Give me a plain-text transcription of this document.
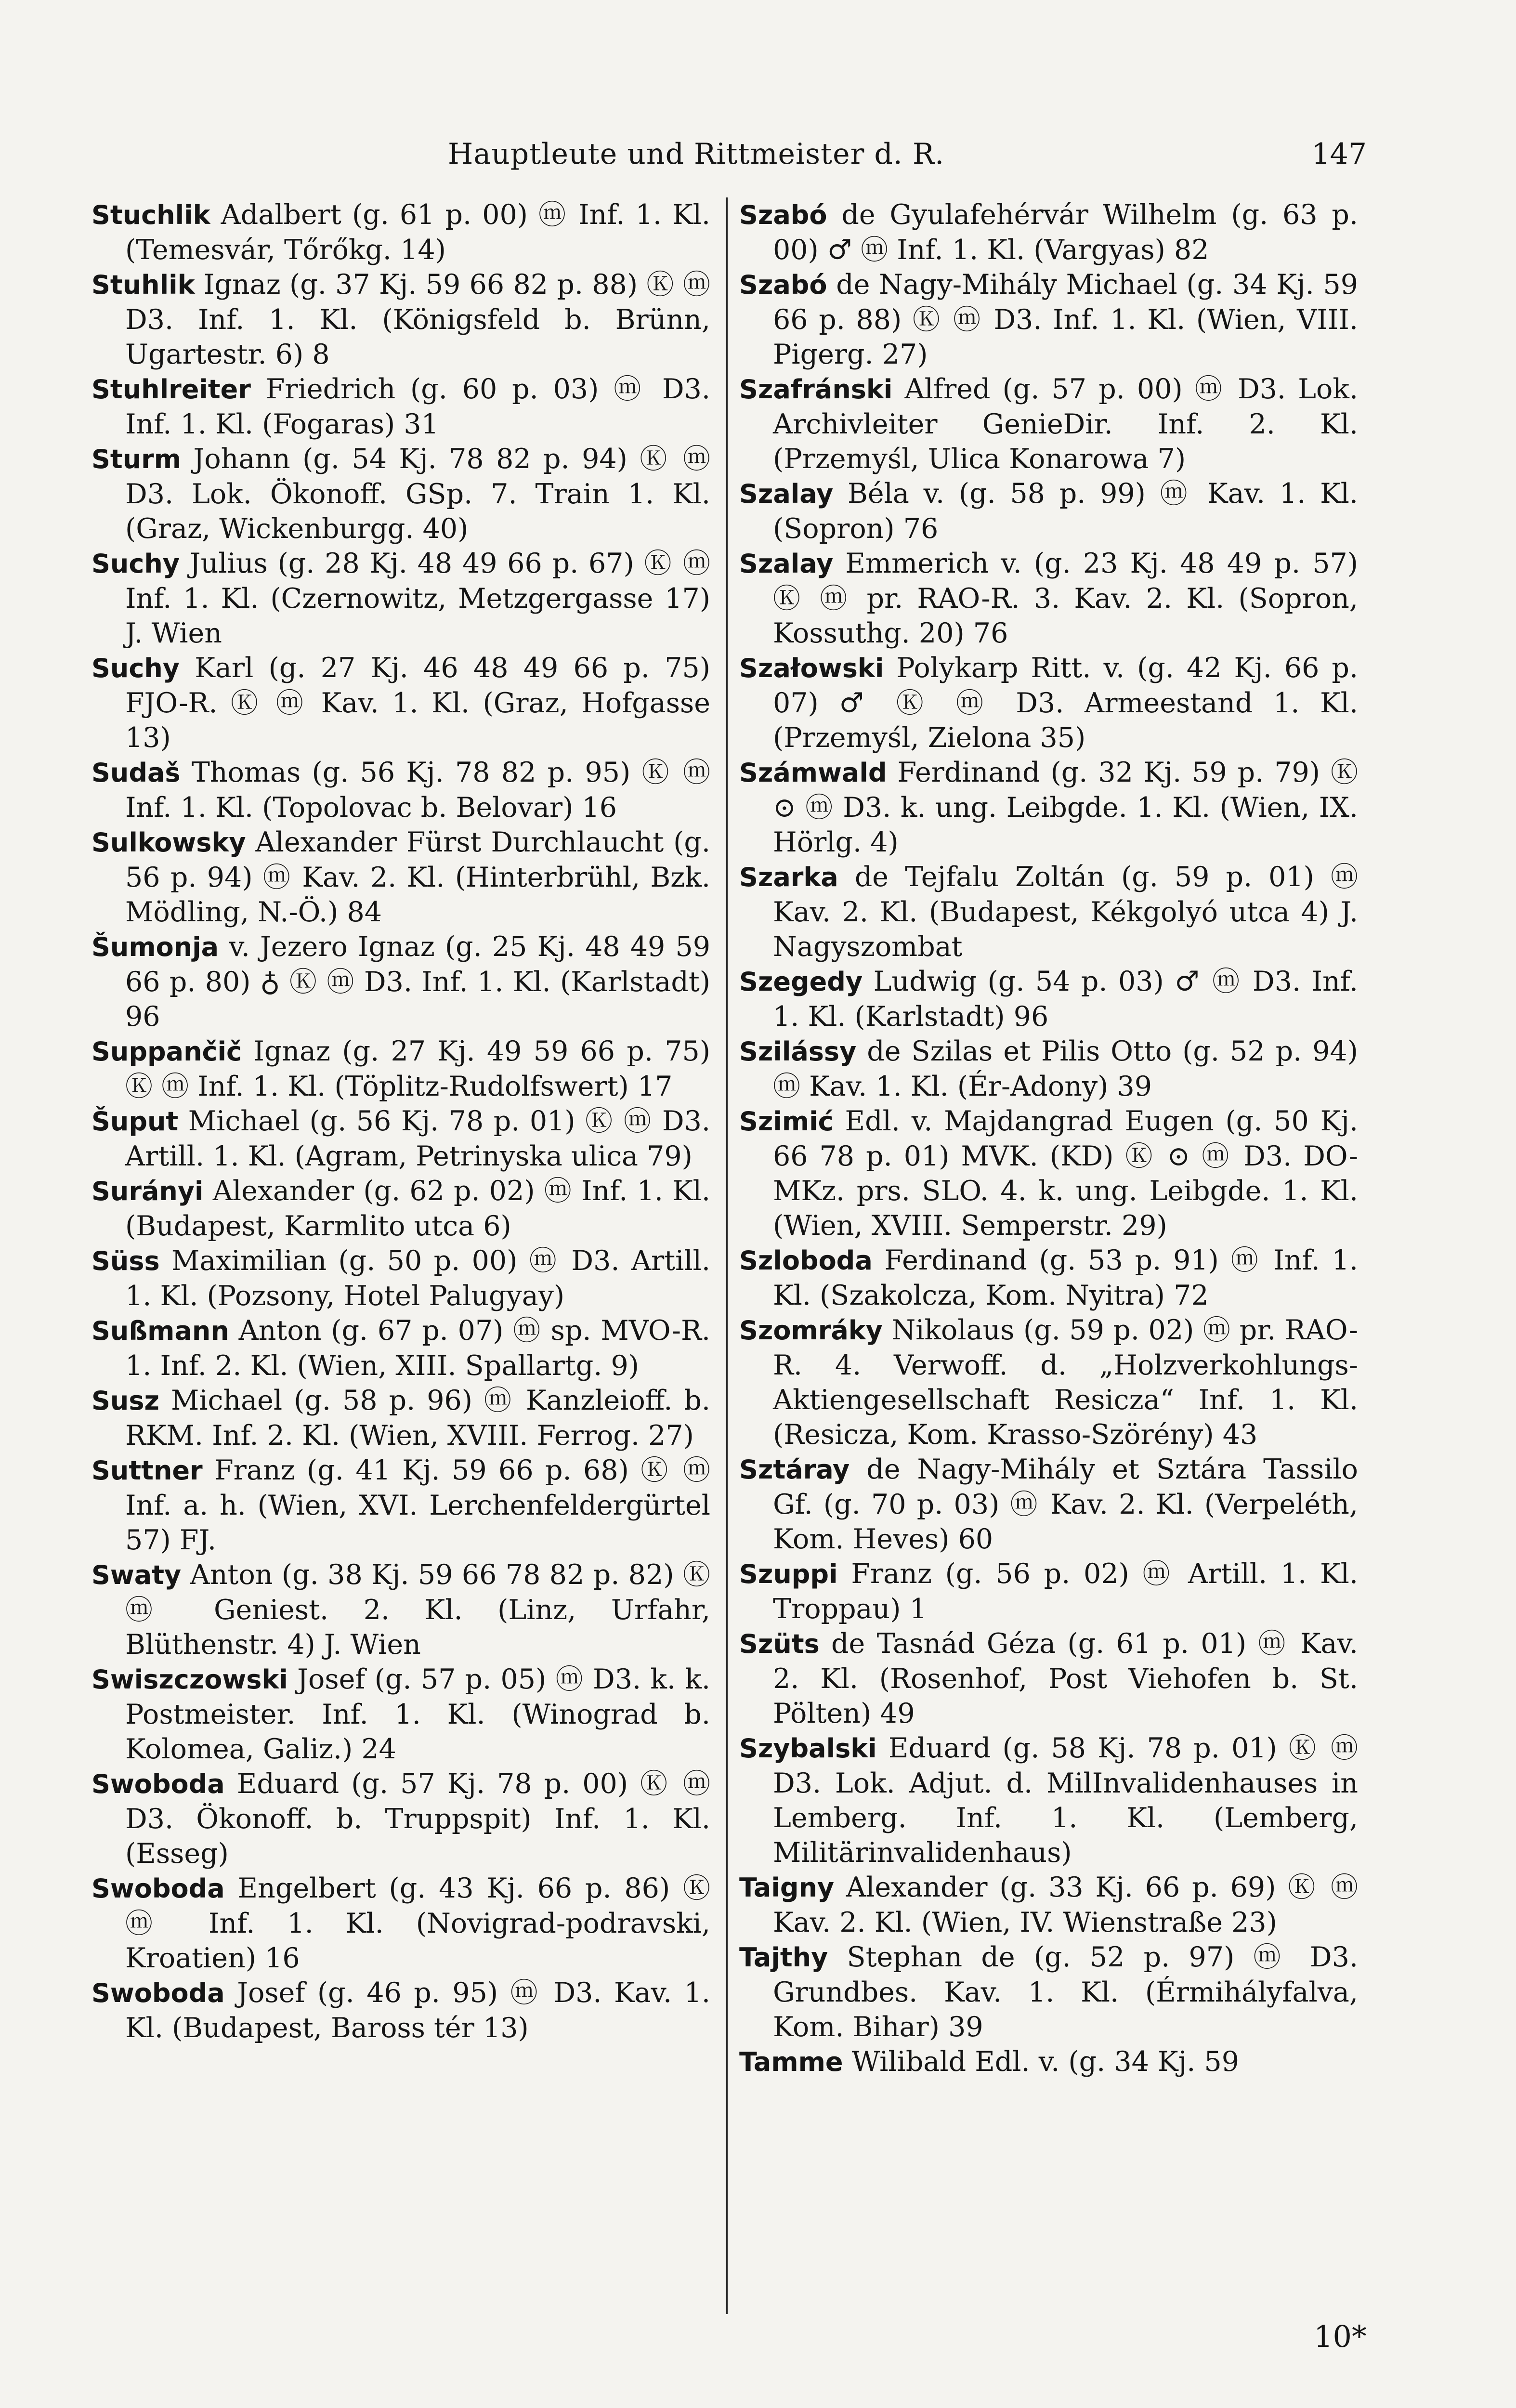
Hauptleute und Rittmeister d. R.	147

Stuchlik Adalbert (g. 61 p. 00) ⓜ Inf. 1. Kl. (Temesvár, Tőrőkg. 14)

Stuhlik Ignaz (g. 37 Kj. 59 66 82 p. 88) Ⓚ ⓜ D3. Inf. 1. Kl. (Königsfeld b. Brünn, Ugartestr. 6) 8

Stuhlreiter Friedrich (g. 60 p. 03) ⓜ D3. Inf. 1. Kl. (Fogaras) 31

Sturm Johann (g. 54 Kj. 78 82 p. 94) Ⓚ ⓜ D3. Lok. Ökonoff. GSp. 7. Train 1. Kl. (Graz, Wickenburgg. 40)

Suchy Julius (g. 28 Kj. 48 49 66 p. 67) Ⓚ ⓜ Inf. 1. Kl. (Czernowitz, Metzgergasse 17) J. Wien

Suchy Karl (g. 27 Kj. 46 48 49 66 p. 75) FJO-R. Ⓚ ⓜ Kav. 1. Kl. (Graz, Hofgasse 13)

Sudaš Thomas (g. 56 Kj. 78 82 p. 95) Ⓚ ⓜ Inf. 1. Kl. (Topolovac b. Belovar) 16

Sulkowsky Alexander Fürst Durchlaucht (g. 56 p. 94) ⓜ Kav. 2. Kl. (Hinterbrühl, Bzk. Mödling, N.-Ö.) 84

Šumonja v. Jezero Ignaz (g. 25 Kj. 48 49 59 66 p. 80) ♁ Ⓚ ⓜ D3. Inf. 1. Kl. (Karlstadt) 96

Suppančič Ignaz (g. 27 Kj. 49 59 66 p. 75) Ⓚ ⓜ Inf. 1. Kl. (Töplitz-Rudolfswert) 17

Šuput Michael (g. 56 Kj. 78 p. 01) Ⓚ ⓜ D3. Artill. 1. Kl. (Agram, Petrinyska ulica 79)

Surányi Alexander (g. 62 p. 02) ⓜ Inf. 1. Kl. (Budapest, Karmlito utca 6)

Süss Maximilian (g. 50 p. 00) ⓜ D3. Artill. 1. Kl. (Pozsony, Hotel Palugyay)

Sußmann Anton (g. 67 p. 07) ⓜ sp. MVO-R. 1. Inf. 2. Kl. (Wien, XIII. Spallartg. 9)

Susz Michael (g. 58 p. 96) ⓜ Kanzleioff. b. RKM. Inf. 2. Kl. (Wien, XVIII. Ferrog. 27)

Suttner Franz (g. 41 Kj. 59 66 p. 68) Ⓚ ⓜ Inf. a. h. (Wien, XVI. Lerchenfeldergürtel 57) FJ.

Swaty Anton (g. 38 Kj. 59 66 78 82 p. 82) Ⓚ ⓜ Geniest. 2. Kl. (Linz, Urfahr, Blüthenstr. 4) J. Wien

Swiszczowski Josef (g. 57 p. 05) ⓜ D3. k. k. Postmeister. Inf. 1. Kl. (Winograd b. Kolomea, Galiz.) 24

Swoboda Eduard (g. 57 Kj. 78 p. 00) Ⓚ ⓜ D3. Ökonoff. b. Truppspit) Inf. 1. Kl. (Esseg)

Swoboda Engelbert (g. 43 Kj. 66 p. 86) Ⓚ ⓜ Inf. 1. Kl. (Novigrad-podravski, Kroatien) 16

Swoboda Josef (g. 46 p. 95) ⓜ D3. Kav. 1. Kl. (Budapest, Baross tér 13)

Szabó de Gyulafehérvár Wilhelm (g. 63 p. 00) ♂ ⓜ Inf. 1. Kl. (Vargyas) 82

Szabó de Nagy-Mihály Michael (g. 34 Kj. 59 66 p. 88) Ⓚ ⓜ D3. Inf. 1. Kl. (Wien, VIII. Pigerg. 27)

Szafránski Alfred (g. 57 p. 00) ⓜ D3. Lok. Archivleiter GenieDir. Inf. 2. Kl. (Przemyśl, Ulica Konarowa 7)

Szalay Béla v. (g. 58 p. 99) ⓜ Kav. 1. Kl. (Sopron) 76

Szalay Emmerich v. (g. 23 Kj. 48 49 p. 57) Ⓚ ⓜ pr. RAO-R. 3. Kav. 2. Kl. (Sopron, Kossuthg. 20) 76

Szałowski Polykarp Ritt. v. (g. 42 Kj. 66 p. 07) ♂ Ⓚ ⓜ D3. Armeestand 1. Kl. (Przemyśl, Zielona 35)

Számwald Ferdinand (g. 32 Kj. 59 p. 79) Ⓚ ⊙ ⓜ D3. k. ung. Leibgde. 1. Kl. (Wien, IX. Hörlg. 4)

Szarka de Tejfalu Zoltán (g. 59 p. 01) ⓜ Kav. 2. Kl. (Budapest, Kékgolyó utca 4) J. Nagyszombat

Szegedy Ludwig (g. 54 p. 03) ♂ ⓜ D3. Inf. 1. Kl. (Karlstadt) 96

Szilássy de Szilas et Pilis Otto (g. 52 p. 94) ⓜ Kav. 1. Kl. (Ér-Adony) 39

Szimić Edl. v. Majdangrad Eugen (g. 50 Kj. 66 78 p. 01) MVK. (KD) Ⓚ ⊙ ⓜ D3. DO-MKz. prs. SLO. 4. k. ung. Leibgde. 1. Kl. (Wien, XVIII. Semperstr. 29)

Szloboda Ferdinand (g. 53 p. 91) ⓜ Inf. 1. Kl. (Szakolcza, Kom. Nyitra) 72

Szomráky Nikolaus (g. 59 p. 02) ⓜ pr. RAO-R. 4. Verwoff. d. „Holzverkohlungs-Aktiengesellschaft Resicza“ Inf. 1. Kl. (Resicza, Kom. Krasso-Szörény) 43

Sztáray de Nagy-Mihály et Sztára Tassilo Gf. (g. 70 p. 03) ⓜ Kav. 2. Kl. (Verpeléth, Kom. Heves) 60

Szuppi Franz (g. 56 p. 02) ⓜ Artill. 1. Kl. Troppau) 1

Szüts de Tasnád Géza (g. 61 p. 01) ⓜ Kav. 2. Kl. (Rosenhof, Post Viehofen b. St. Pölten) 49

Szybalski Eduard (g. 58 Kj. 78 p. 01) Ⓚ ⓜ D3. Lok. Adjut. d. MilInvalidenhauses in Lemberg. Inf. 1. Kl. (Lemberg, Militärinvalidenhaus)

Taigny Alexander (g. 33 Kj. 66 p. 69) Ⓚ ⓜ Kav. 2. Kl. (Wien, IV. Wienstraße 23)

Tajthy Stephan de (g. 52 p. 97) ⓜ D3. Grundbes. Kav. 1. Kl. (Érmihályfalva, Kom. Bihar) 39

Tamme Wilibald Edl. v. (g. 34 Kj. 59

10*
